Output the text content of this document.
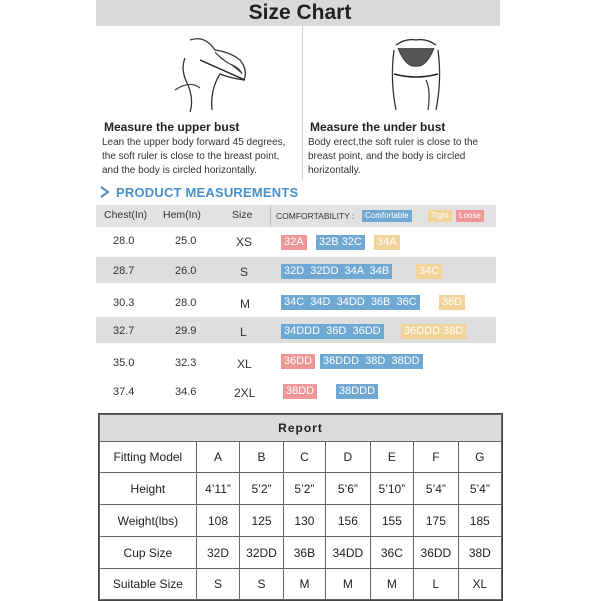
Size Chart
Measure the upper bust
Lean the upper body forward 45 degrees, the soft ruler is close to the breast point, and the body is circled horizontally.
Measure the under bust
Body erect,the soft ruler is close to the breast point, and the body is circled horizontally.
PRODUCT MEASUREMENTS
Chest(In) Hem(In)	Size	COMFORTABILITY :	Comfortable	Tight	Loose
28.0	25.0	XS	32A 32B 32C 34A
28.7	26.0	S	32D  32DD  34A  34B	34C
30.3	28.0	M	34C  34D  34DD  36B  36C 36D
32.7	29.9	L	34DDD  36D  36DD 36DDD 38D
35.0	32.3	XL	36DD 36DDD  38D  38DD
37.4	34.6	2XL	38DD 38DDD
Report							
Fitting Model	A	B	C	D	E	F	G
Height	4’11”	5’2”	5’2”	5’6”	5’10”	5’4”	5’4”
Weight(lbs)	108	125	130	156	155	175	185
Cup Size	32D	32DD	36B	34DD	36C	36DD	38D
Suitable Size	S	S	M	M	M	L	XL
